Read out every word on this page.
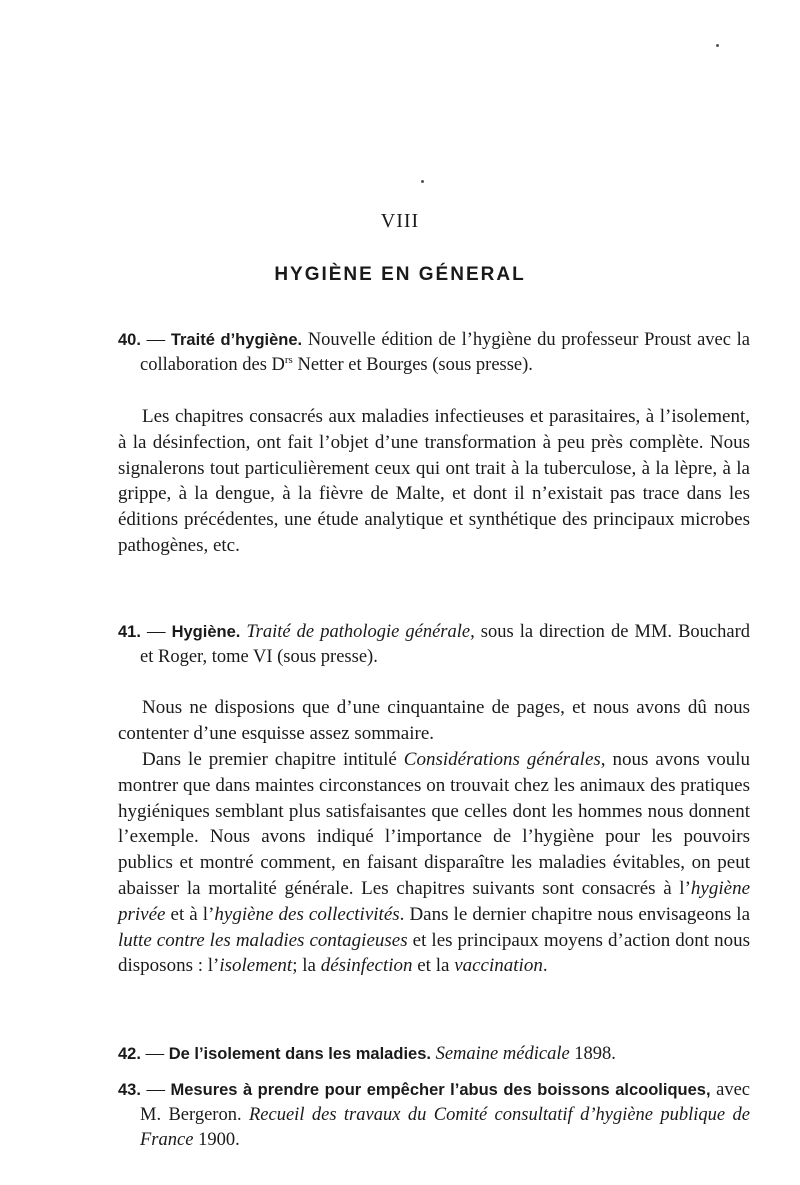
VIII
HYGIÈNE EN GÉNERAL
40. — Traité d’hygiène. Nouvelle édition de l’hygiène du professeur Proust avec la collaboration des $D^{rs}$ Netter et Bourges (sous presse).

Les chapitres consacrés aux maladies infectieuses et parasitaires, à l’isolement, à la désinfection, ont fait l’objet d’une transformation à peu près complète. Nous signalerons tout particulièrement ceux qui ont trait à la tuberculose, à la lèpre, à la grippe, à la dengue, à la fièvre de Malte, et dont il n’existait pas trace dans les éditions précédentes, une étude analytique et synthétique des principaux microbes pathogènes, etc.

41. — Hygiène. Traité de pathologie générale, sous la direction de MM. Bouchard et Roger, tome VI (sous presse).

Nous ne disposions que d’une cinquantaine de pages, et nous avons dû nous contenter d’une esquisse assez sommaire.

Dans le premier chapitre intitulé Considérations générales, nous avons voulu montrer que dans maintes circonstances on trouvait chez les animaux des pratiques hygiéniques semblant plus satisfaisantes que celles dont les hommes nous donnent l’exemple. Nous avons indiqué l’importance de l’hygiène pour les pouvoirs publics et montré comment, en faisant disparaître les maladies évitables, on peut abaisser la mortalité générale. Les chapitres suivants sont consacrés à l’hygiène privée et à l’hygiène des collectivités. Dans le dernier chapitre nous envisageons la lutte contre les maladies contagieuses et les principaux moyens d’action dont nous disposons : l’isolement; la désinfection et la vaccination.

42. — De l’isolement dans les maladies. Semaine médicale 1898.
43. — Mesures à prendre pour empêcher l’abus des boissons alcooliques, avec M. Bergeron. Recueil des travaux du Comité consultatif d’hygiène publique de France 1900.
